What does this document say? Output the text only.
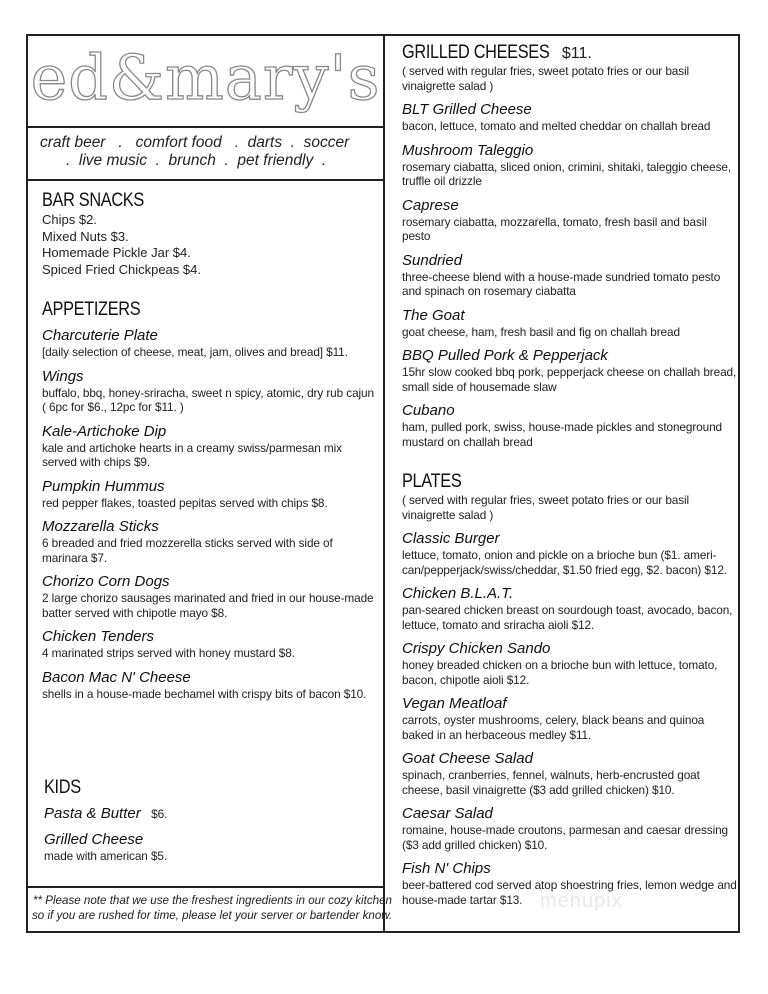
ed&mary's
craft beer   .   comfort food   .  darts  .  soccer
.  live music  .  brunch  .  pet friendly  .
BAR SNACKS
Chips $2.
Mixed Nuts $3.
Homemade Pickle Jar $4.
Spiced Fried Chickpeas $4.
APPETIZERS
Charcuterie Plate
[daily selection of cheese, meat, jam, olives and bread] $11.
Wings
buffalo, bbq, honey-sriracha, sweet n spicy, atomic, dry rub cajun ( 6pc for $6., 12pc for $11. )
Kale-Artichoke Dip
kale and artichoke hearts in a creamy swiss/parmesan mix served with chips $9.
Pumpkin Hummus
red pepper flakes, toasted pepitas served with chips $8.
Mozzarella Sticks
6 breaded and fried mozzerella sticks served with side of marinara $7.
Chorizo Corn Dogs
2 large chorizo sausages marinated and fried in our house-made batter served with chipotle mayo $8.
Chicken Tenders
4 marinated strips served with honey mustard $8.
Bacon Mac N' Cheese
shells in a house-made bechamel with crispy bits of bacon $10.
KIDS
Pasta & Butter $6.
Grilled Cheese
made with american $5.
** Please note that we use the freshest ingredients in our cozy kitchen
so if you are rushed for time, please let your server or bartender know.
GRILLED CHEESES $11.
( served with regular fries, sweet potato fries or our basil vinaigrette salad )
BLT Grilled Cheese
bacon, lettuce, tomato and melted cheddar on challah bread
Mushroom Taleggio
rosemary ciabatta, sliced onion, crimini, shitaki, taleggio cheese, truffle oil drizzle
Caprese
rosemary ciabatta, mozzarella, tomato, fresh basil and basil pesto
Sundried
three-cheese blend with a house-made sundried tomato pesto and spinach on rosemary ciabatta
The Goat
goat cheese, ham, fresh basil and fig on challah bread
BBQ Pulled Pork & Pepperjack
15hr slow cooked bbq pork, pepperjack cheese on challah bread, small side of housemade slaw
Cubano
ham, pulled pork, swiss, house-made pickles and stoneground mustard on challah bread
PLATES
( served with regular fries, sweet potato fries or our basil vinaigrette salad )
Classic Burger
lettuce, tomato, onion and pickle on a brioche bun ($1. ameri-can/pepperjack/swiss/cheddar, $1.50 fried egg, $2. bacon) $12.
Chicken B.L.A.T.
pan-seared chicken breast on sourdough toast, avocado, bacon, lettuce, tomato and sriracha aioli $12.
Crispy Chicken Sando
honey breaded chicken on a brioche bun with lettuce, tomato, bacon, chipotle aioli $12.
Vegan Meatloaf
carrots, oyster mushrooms, celery, black beans and quinoa baked in an herbaceous medley $11.
Goat Cheese Salad
spinach, cranberries, fennel, walnuts, herb-encrusted goat cheese, basil vinaigrette ($3 add grilled chicken) $10.
Caesar Salad
romaine, house-made croutons, parmesan and caesar dressing ($3 add grilled chicken) $10.
Fish N' Chips
beer-battered cod served atop shoestring fries, lemon wedge and house-made tartar $13. menupix
